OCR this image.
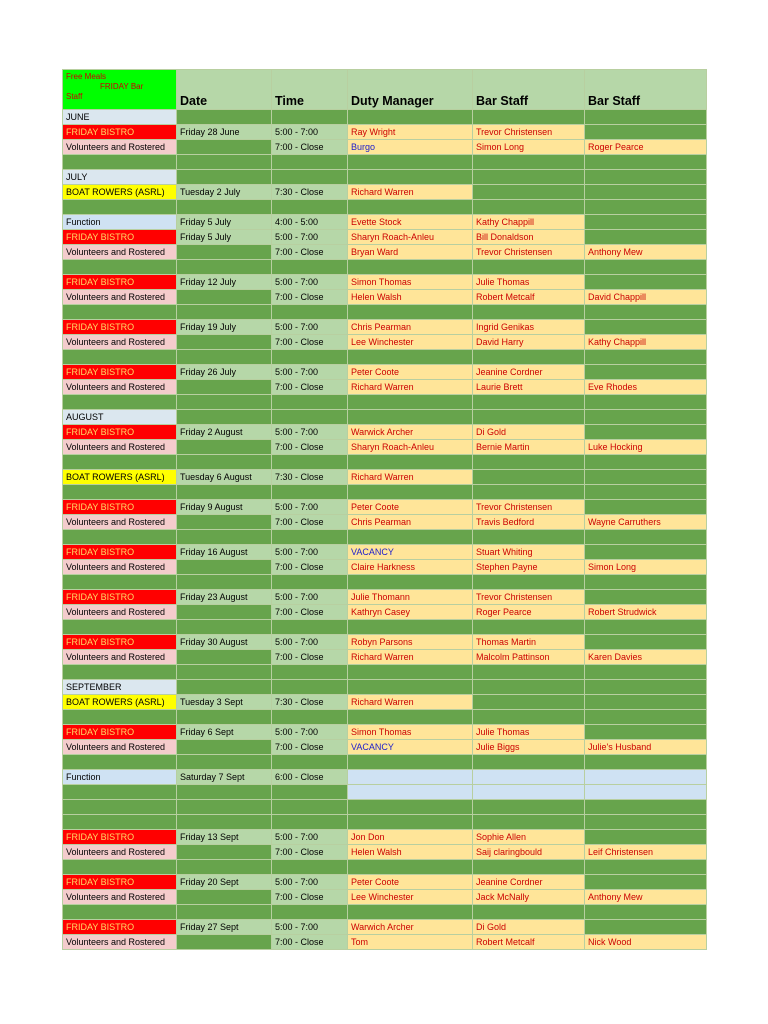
Free Meals
FRIDAY Bar
Staff	Date	Time	Duty Manager	Bar Staff	Bar Staff
JUNE					
FRIDAY BISTRO	Friday 28 June	5:00 - 7:00	Ray Wright	Trevor Christensen	
Volunteers and Rostered		7:00 - Close	Burgo	Simon Long	Roger Pearce

JULY					
BOAT ROWERS (ASRL)	Tuesday 2 July	7:30 - Close	Richard Warren		

Function	Friday 5 July	4:00 - 5:00	Evette Stock	Kathy Chappill	
FRIDAY BISTRO	Friday 5 July	5:00 - 7:00	Sharyn Roach-Anleu	Bill Donaldson	
Volunteers and Rostered		7:00 - Close	Bryan Ward	Trevor Christensen	Anthony Mew

FRIDAY BISTRO	Friday 12 July	5:00 - 7:00	Simon Thomas	Julie Thomas	
Volunteers and Rostered		7:00 - Close	Helen Walsh	Robert Metcalf	David Chappill

FRIDAY BISTRO	Friday 19 July	5:00 - 7:00	Chris Pearman	Ingrid Genikas	
Volunteers and Rostered		7:00 - Close	Lee Winchester	David Harry	Kathy Chappill

FRIDAY BISTRO	Friday 26 July	5:00 - 7:00	Peter Coote	Jeanine Cordner	
Volunteers and Rostered		7:00 - Close	Richard Warren	Laurie Brett	Eve Rhodes

AUGUST					
FRIDAY BISTRO	Friday 2 August	5:00 - 7:00	Warwick Archer	Di Gold	
Volunteers and Rostered		7:00 - Close	Sharyn Roach-Anleu	Bernie Martin	Luke Hocking

BOAT ROWERS (ASRL)	Tuesday 6 August	7:30 - Close	Richard Warren		

FRIDAY BISTRO	Friday 9 August	5:00 - 7:00	Peter Coote	Trevor Christensen	
Volunteers and Rostered		7:00 - Close	Chris Pearman	Travis Bedford	Wayne Carruthers

FRIDAY BISTRO	Friday 16 August	5:00 - 7:00	VACANCY	Stuart Whiting	
Volunteers and Rostered		7:00 - Close	Claire Harkness	Stephen Payne	Simon Long

FRIDAY BISTRO	Friday 23 August	5:00 - 7:00	Julie Thomann	Trevor Christensen	
Volunteers and Rostered		7:00 - Close	Kathryn Casey	Roger Pearce	Robert Strudwick

FRIDAY BISTRO	Friday 30 August	5:00 - 7:00	Robyn Parsons	Thomas Martin	
Volunteers and Rostered		7:00 - Close	Richard Warren	Malcolm Pattinson	Karen Davies

SEPTEMBER					
BOAT ROWERS (ASRL)	Tuesday 3 Sept	7:30 - Close	Richard Warren		

FRIDAY BISTRO	Friday 6 Sept	5:00 - 7:00	Simon Thomas	Julie Thomas	
Volunteers and Rostered		7:00 - Close	VACANCY	Julie Biggs	Julie's Husband

Function	Saturday 7 Sept	6:00 - Close			

FRIDAY BISTRO	Friday 13 Sept	5:00 - 7:00	Jon Don	Sophie Allen	
Volunteers and Rostered		7:00 - Close	Helen Walsh	Saij claringbould	Leif Christensen

FRIDAY BISTRO	Friday 20 Sept	5:00 - 7:00	Peter Coote	Jeanine Cordner	
Volunteers and Rostered		7:00 - Close	Lee Winchester	Jack McNally	Anthony Mew

FRIDAY BISTRO	Friday 27 Sept	5:00 - 7:00	Warwich Archer	Di Gold	
Volunteers and Rostered		7:00 - Close	Tom	Robert Metcalf	Nick Wood
